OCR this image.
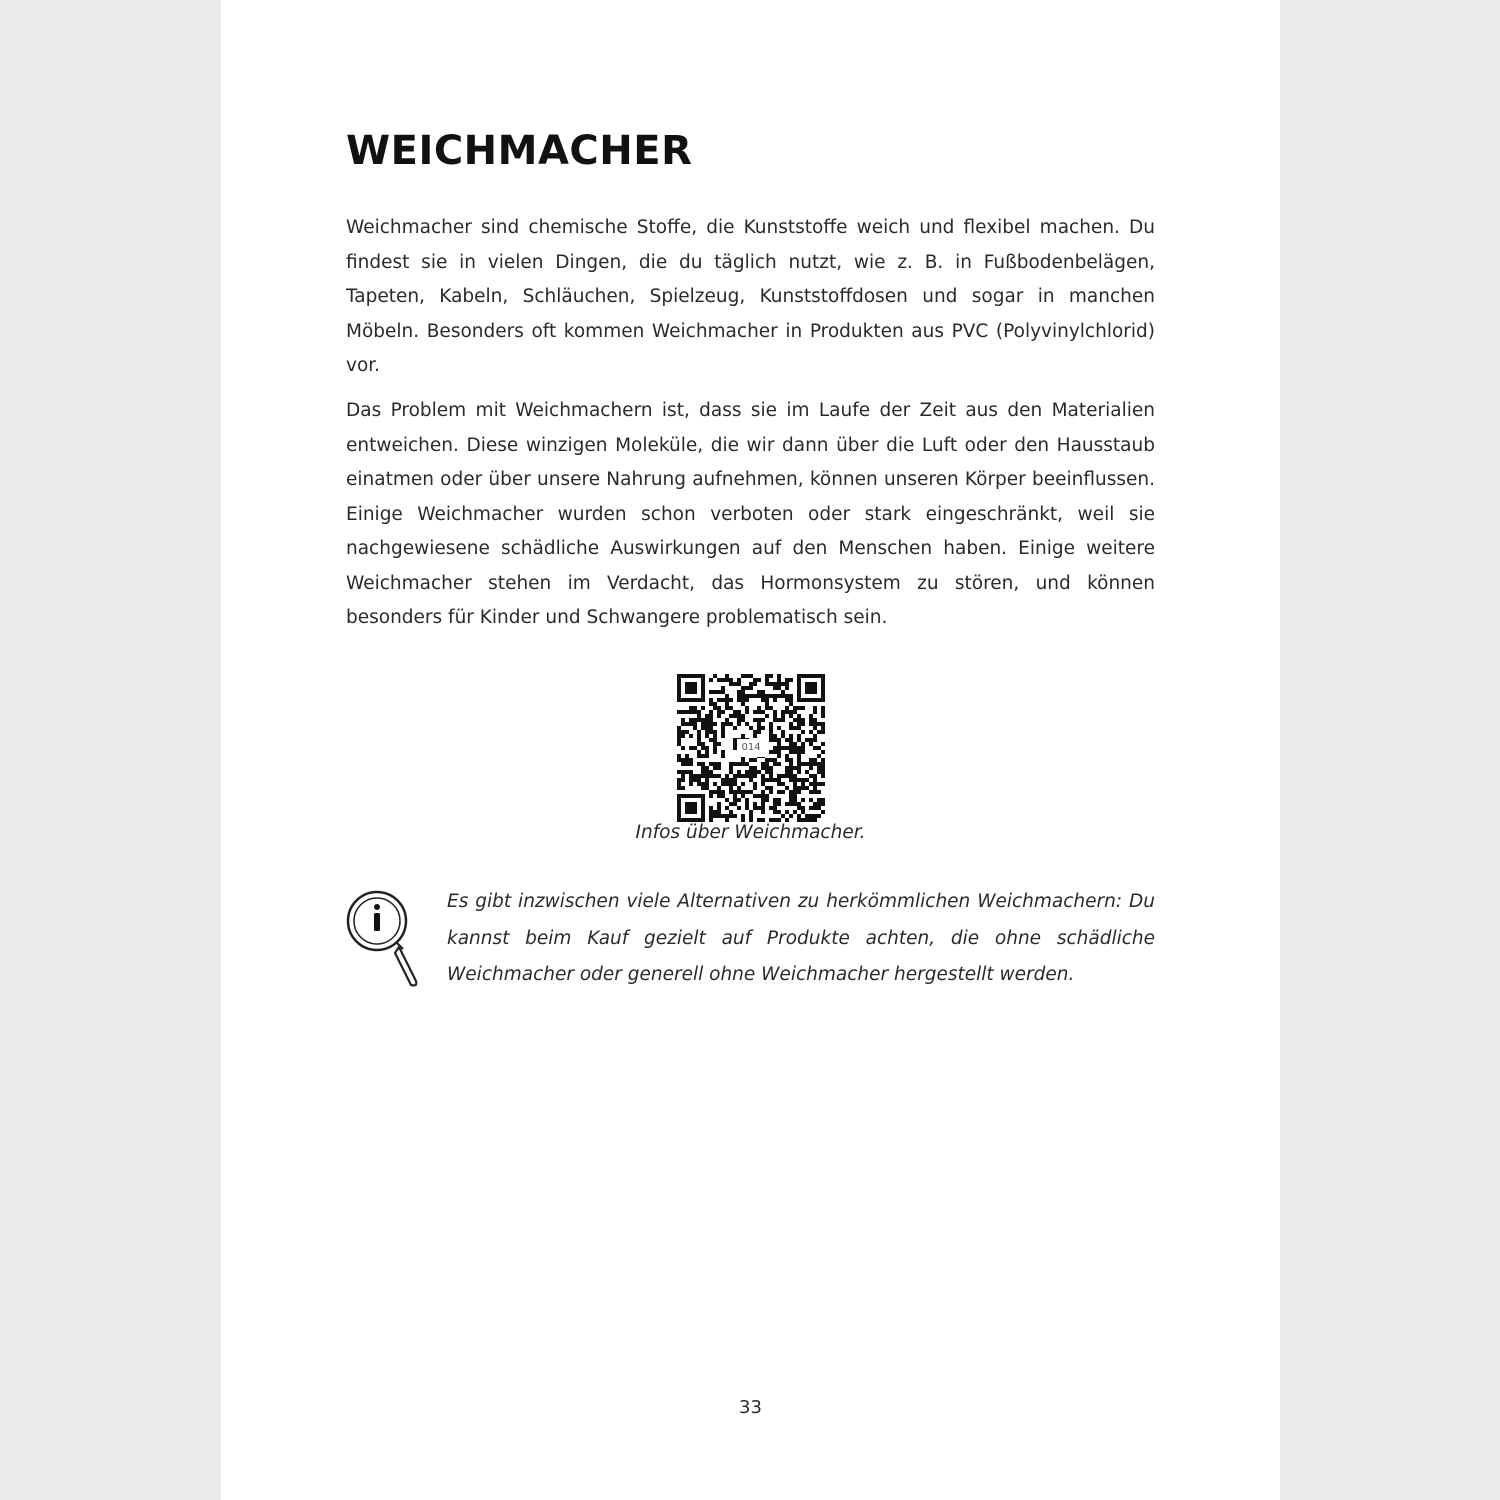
WEICHMACHER

Weichmacher sind chemische Stoffe, die Kunststoffe weich und flexibel machen. Du findest sie in vielen Dingen, die du täglich nutzt, wie z. B. in Fußbodenbelägen, Tapeten, Kabeln, Schläuchen, Spielzeug, Kunststoffdosen und sogar in manchen Möbeln. Besonders oft kommen Weichmacher in Produkten aus PVC (Polyvinylchlorid) vor.

Das Problem mit Weichmachern ist, dass sie im Laufe der Zeit aus den Materialien entweichen. Diese winzigen Moleküle, die wir dann über die Luft oder den Hausstaub einatmen oder über unsere Nahrung aufnehmen, können unseren Körper beeinflussen. Einige Weichmacher wurden schon verboten oder stark eingeschränkt, weil sie nachgewiesene schädliche Auswirkungen auf den Menschen haben. Einige weitere Weichmacher stehen im Verdacht, das Hormonsystem zu stören, und können besonders für Kinder und Schwangere problematisch sein.

014
Infos über Weichmacher.

Es gibt inzwischen viele Alternativen zu herkömmlichen Weichmachern: Du kannst beim Kauf gezielt auf Produkte achten, die ohne schädliche Weichmacher oder generell ohne Weichmacher hergestellt werden.

33
